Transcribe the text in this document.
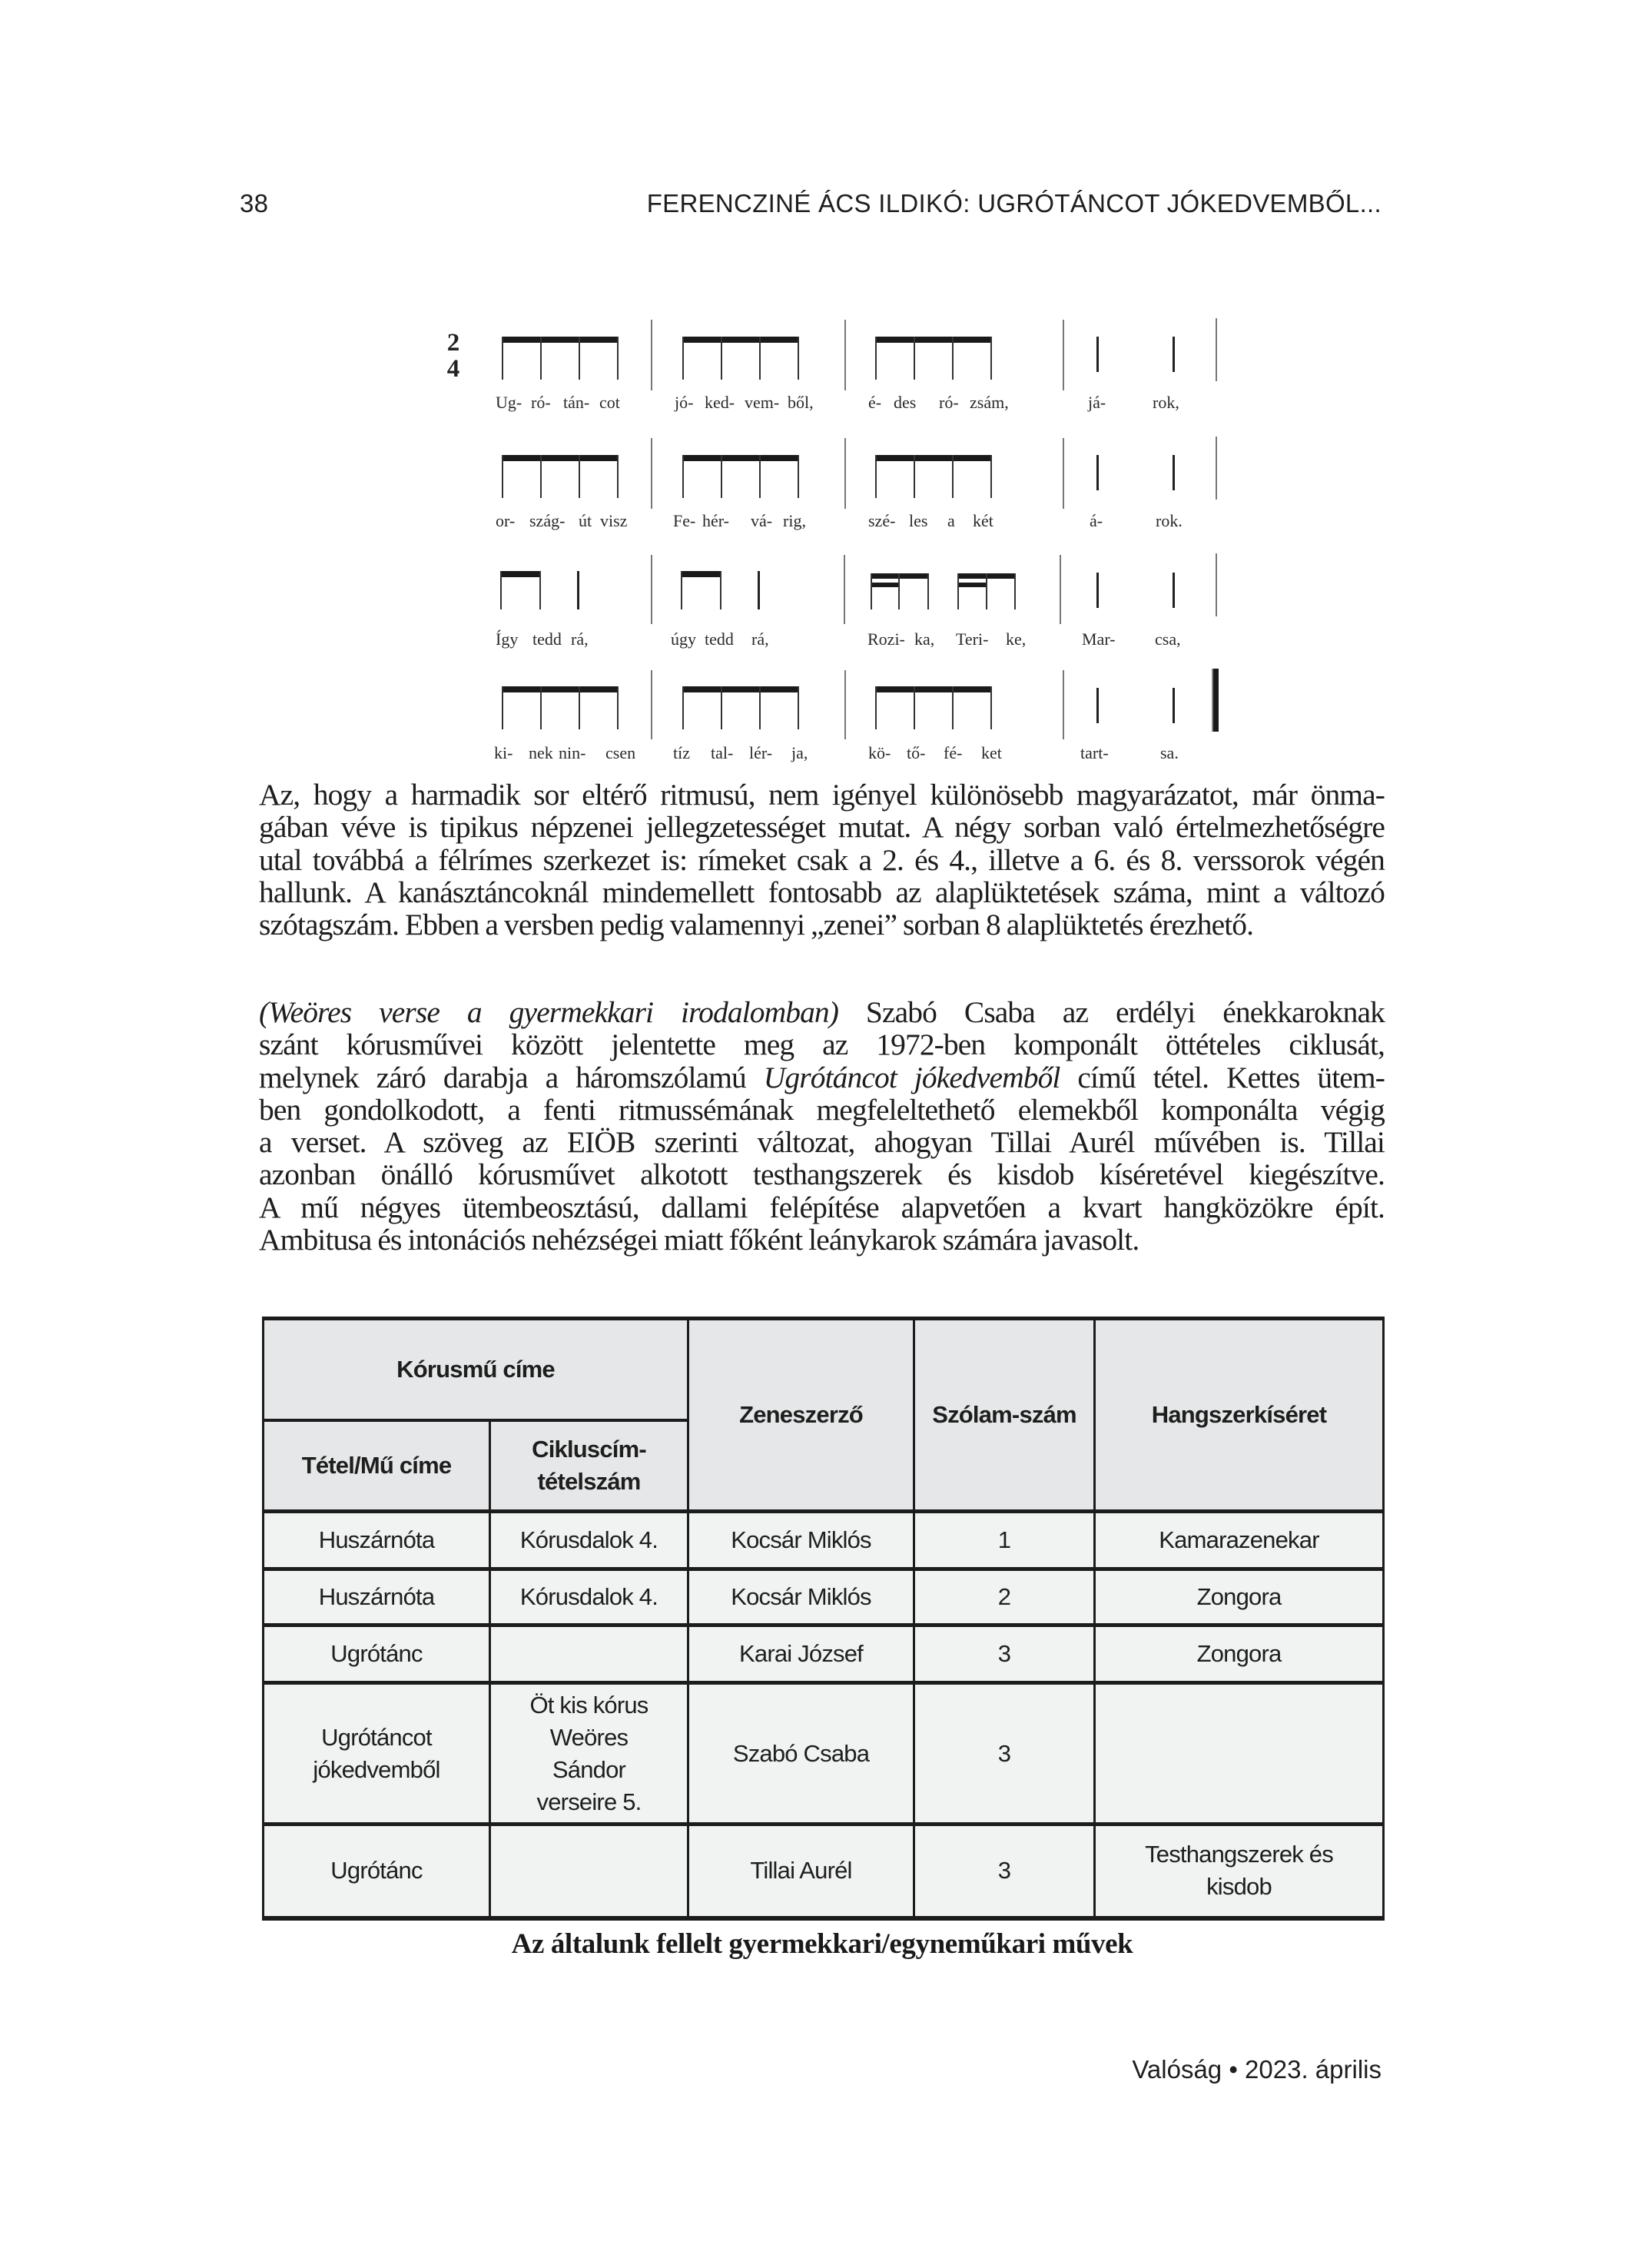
38	FERENCZINÉ ÁCS ILDIKÓ: UGRÓTÁNCOT JÓKEDVEMBŐL...
2
4
Ug- ró- tán- cot	jó- ked- vem- ből,	é- des ró- zsám,	já-	rok,
or- szág- út visz	Fe- hér- vá- rig,	szé- les a két	á-	rok.
Így tedd rá,	úgy tedd rá,	Rozi- ka, Teri- ke,	Mar- csa,
ki- nek nin- csen tíz tal- lér- ja,	kö- tő- fé- ket	tart-	sa.
Az, hogy a harmadik sor eltérő ritmusú, nem igényel különösebb magyarázatot, már önma-
gában véve is tipikus népzenei jellegzetességet mutat. A négy sorban való értelmezhetőségre
utal továbbá a félrímes szerkezet is: rímeket csak a 2. és 4., illetve a 6. és 8. verssorok végén
hallunk. A kanásztáncoknál mindemellett fontosabb az alaplüktetések száma, mint a változó
szótagszám. Ebben a versben pedig valamennyi „zenei” sorban 8 alaplüktetés érezhető.
(Weöres verse a gyermekkari irodalomban) Szabó Csaba az erdélyi énekkaroknak
szánt kórusművei között jelentette meg az 1972-ben komponált öttételes ciklusát,
melynek záró darabja a háromszólamú Ugrótáncot jókedvemből című tétel. Kettes ütem-
ben gondolkodott, a fenti ritmussémának megfeleltethető elemekből komponálta végig
a verset. A szöveg az EIÖB szerinti változat, ahogyan Tillai Aurél művében is. Tillai
azonban önálló kórusművet alkotott testhangszerek és kisdob kíséretével kiegészítve.
A mű négyes ütembeosztású, dallami felépítése alapvetően a kvart hangközökre épít.
Ambitusa és intonációs nehézségei miatt főként leánykarok számára javasolt.
Kórusmű címe		Zeneszerző	Szólam-szám	Hangszerkíséret
Tétel/Mű címe	Cikluscím-tételszám			
Huszárnóta	Kórusdalok 4.	Kocsár Miklós	1	Kamarazenekar
Huszárnóta	Kórusdalok 4.	Kocsár Miklós	2	Zongora
Ugrótánc		Karai József	3	Zongora
Ugrótáncot jókedvemből	Öt kis kórus Weöres Sándor verseire 5.	Szabó Csaba	3	
Ugrótánc		Tillai Aurél	3	Testhangszerek és kisdob
Az általunk fellelt gyermekkari/egyneműkari művek
Valóság • 2023. április
